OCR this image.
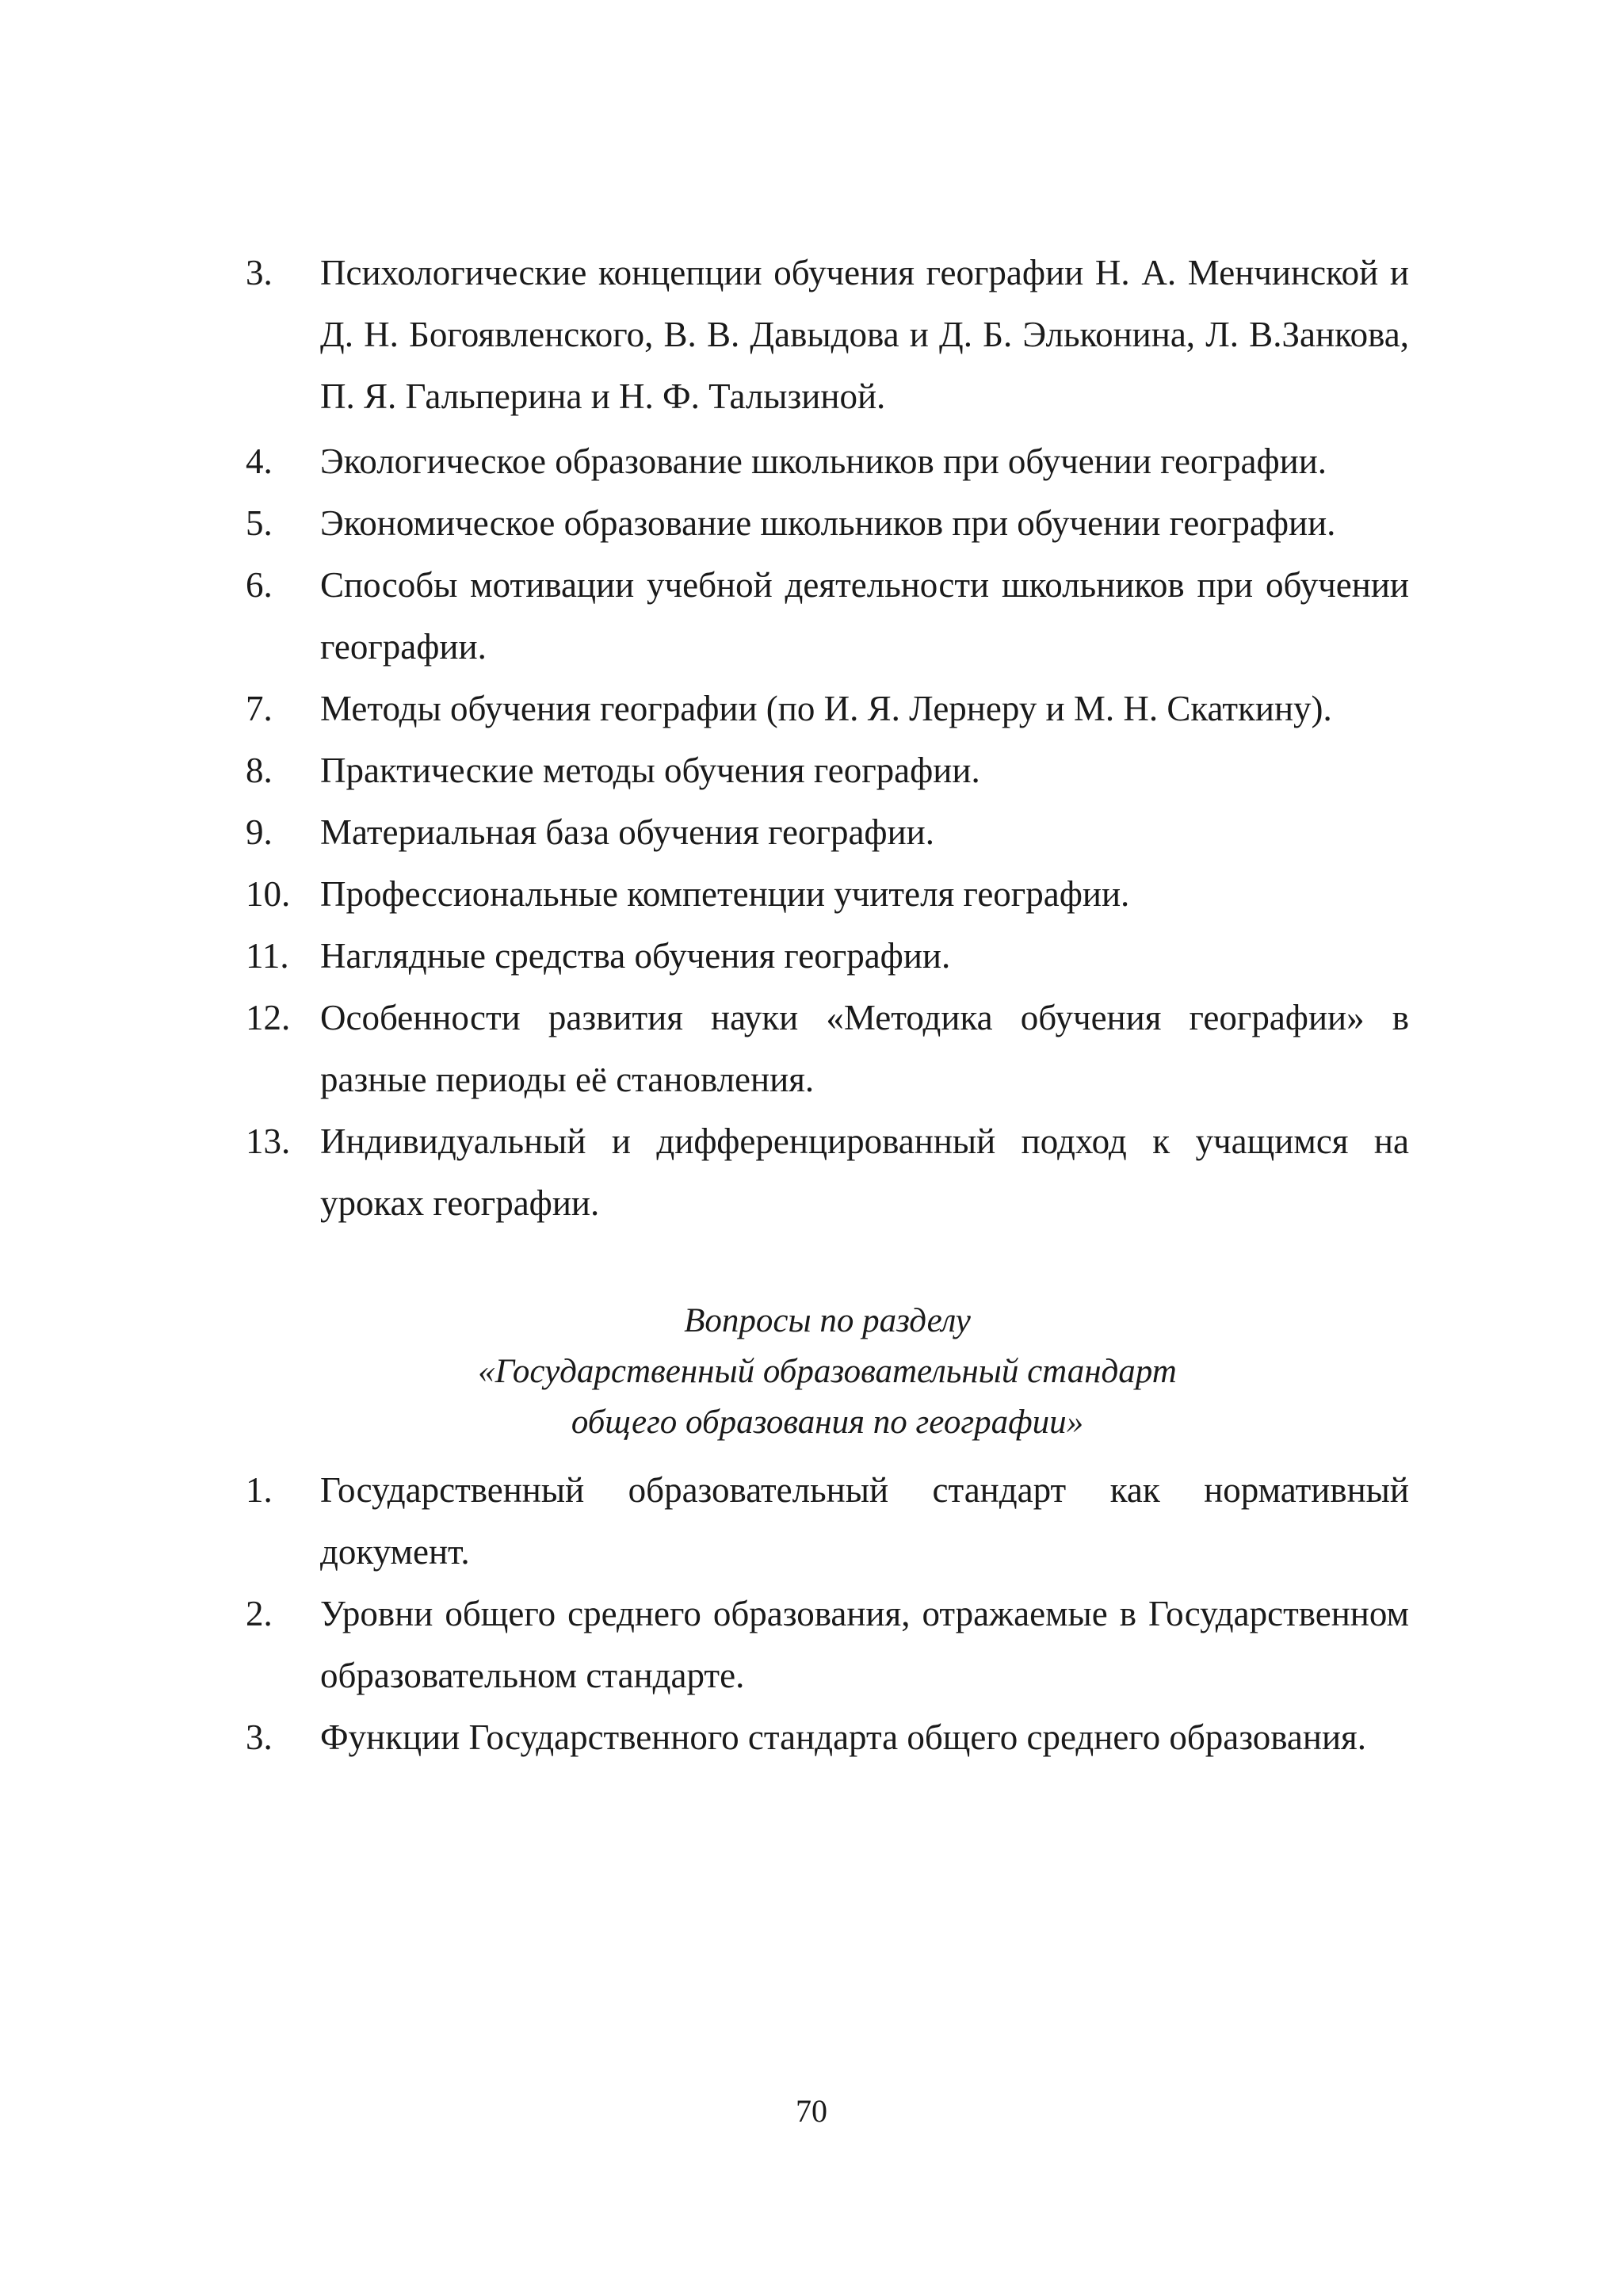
3.	Психологические концепции обучения географии Н. А. Менчинской и Д. Н. Богоявленского, В. В. Давыдова и Д. Б. Эльконина, Л. В.Занкова, П. Я. Гальперина и Н. Ф. Талызиной.
4.	Экологическое образование школьников при обучении географии.
5.	Экономическое образование школьников при обучении географии.
6.	Способы мотивации учебной деятельности школьников при обучении географии.
7.	Методы обучения географии (по И. Я. Лернеру и М. Н. Скаткину).
8.	Практические методы обучения географии.
9.	Материальная база обучения географии.
10. Профессиональные компетенции учителя географии.
11. Наглядные средства обучения географии.
12. Особенности развития науки «Методика обучения географии» в разные периоды её становления.
13. Индивидуальный и дифференцированный подход к учащимся на уроках географии.
Вопросы по разделу
«Государственный образовательный стандарт
общего образования по географии»
1.	Государственный образовательный стандарт как нормативный документ.
2.	Уровни общего среднего образования, отражаемые в Государственном образовательном стандарте.
3.	Функции Государственного стандарта общего среднего образования.
70
